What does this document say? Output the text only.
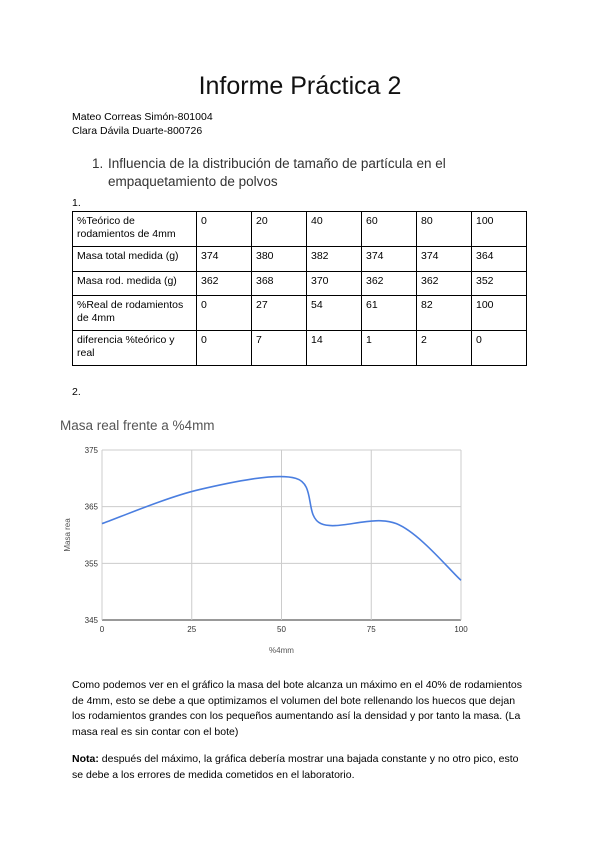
Informe Práctica 2
Mateo Correas Simón-801004
Clara Dávila Duarte-800726
1. Influencia de la distribución de tamaño de partícula en el empaquetamiento de polvos
1.
%Teórico de rodamientos de 4mm	0	20	40	60	80	100
Masa total medida (g)	374	380	382	374	374	364
Masa rod. medida (g)	362	368	370	362	362	352
%Real de rodamientos de 4mm	0	27	54	61	82	100
diferencia %teórico y real	0	7	14	1	2	0
2.
Masa real frente a %4mm
375
365
355
345
0	25	50	75	100
%4mm
Masa rea
Como podemos ver en el gráfico la masa del bote alcanza un máximo en el 40% de rodamientos de 4mm, esto se debe a que optimizamos el volumen del bote rellenando los huecos que dejan los rodamientos grandes con los pequeños aumentando así la densidad y por tanto la masa. (La masa real es sin contar con el bote)
Nota: después del máximo, la gráfica debería mostrar una bajada constante y no otro pico, esto se debe a los errores de medida cometidos en el laboratorio.
